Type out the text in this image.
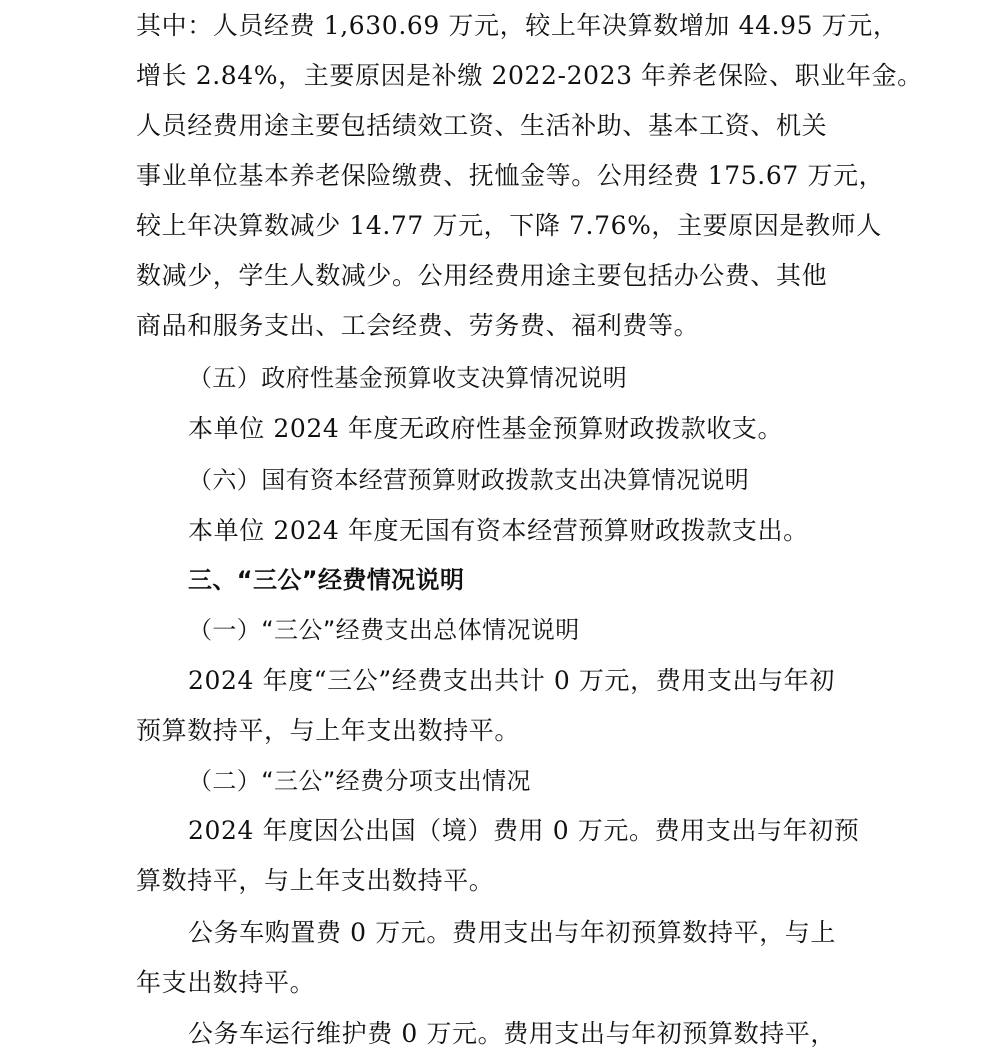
其中：人员经费 1,630.69 万元，较上年决算数增加 44.95 万元，
增长 2.84%，主要原因是补缴 2022-2023 年养老保险、职业年金。
人员经费用途主要包括绩效工资、生活补助、基本工资、机关
事业单位基本养老保险缴费、抚恤金等。公用经费 175.67 万元，
较上年决算数减少 14.77 万元，下降 7.76%，主要原因是教师人
数减少，学生人数减少。公用经费用途主要包括办公费、其他
商品和服务支出、工会经费、劳务费、福利费等。
（五）政府性基金预算收支决算情况说明
本单位 2024 年度无政府性基金预算财政拨款收支。
（六）国有资本经营预算财政拨款支出决算情况说明
本单位 2024 年度无国有资本经营预算财政拨款支出。
三、“三公”经费情况说明
（一）“三公”经费支出总体情况说明
2024 年度“三公”经费支出共计 0 万元，费用支出与年初
预算数持平，与上年支出数持平。
（二）“三公”经费分项支出情况
2024 年度因公出国（境）费用 0 万元。费用支出与年初预
算数持平，与上年支出数持平。
公务车购置费 0 万元。费用支出与年初预算数持平，与上
年支出数持平。
公务车运行维护费 0 万元。费用支出与年初预算数持平，
